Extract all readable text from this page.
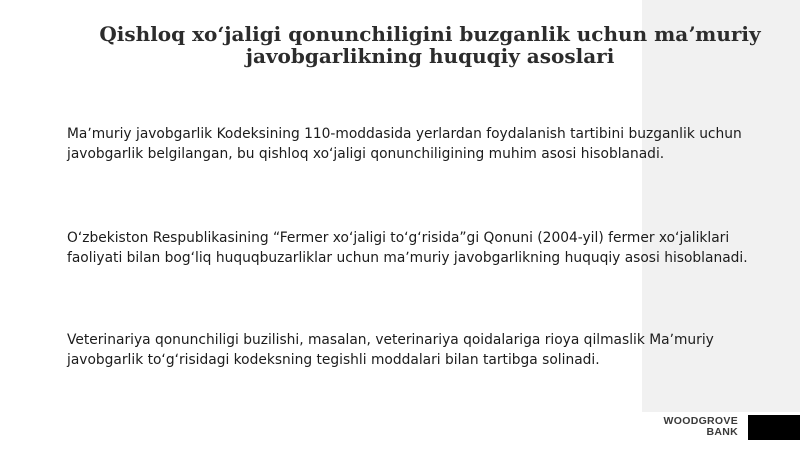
Qishloq xoʻjaligi qonunchiligini buzganlik uchun maʼmuriy javobgarlikning huquqiy asoslari

Maʼmuriy javobgarlik Kodeksining 110-moddasida yerlardan foydalanish tartibini buzganlik uchun javobgarlik belgilangan, bu qishloq xoʻjaligi qonunchiligining muhim asosi hisoblanadi.

Oʻzbekiston Respublikasining “Fermer xoʻjaligi toʻgʻrisida”gi Qonuni (2004-yil) fermer xoʻjaliklari faoliyati bilan bogʻliq huquqbuzarliklar uchun maʼmuriy javobgarlikning huquqiy asosi hisoblanadi.

Veterinariya qonunchiligi buzilishi, masalan, veterinariya qoidalariga rioya qilmaslik Maʼmuriy javobgarlik toʻgʻrisidagi kodeksning tegishli moddalari bilan tartibga solinadi.

WOODGROVE
BANK
